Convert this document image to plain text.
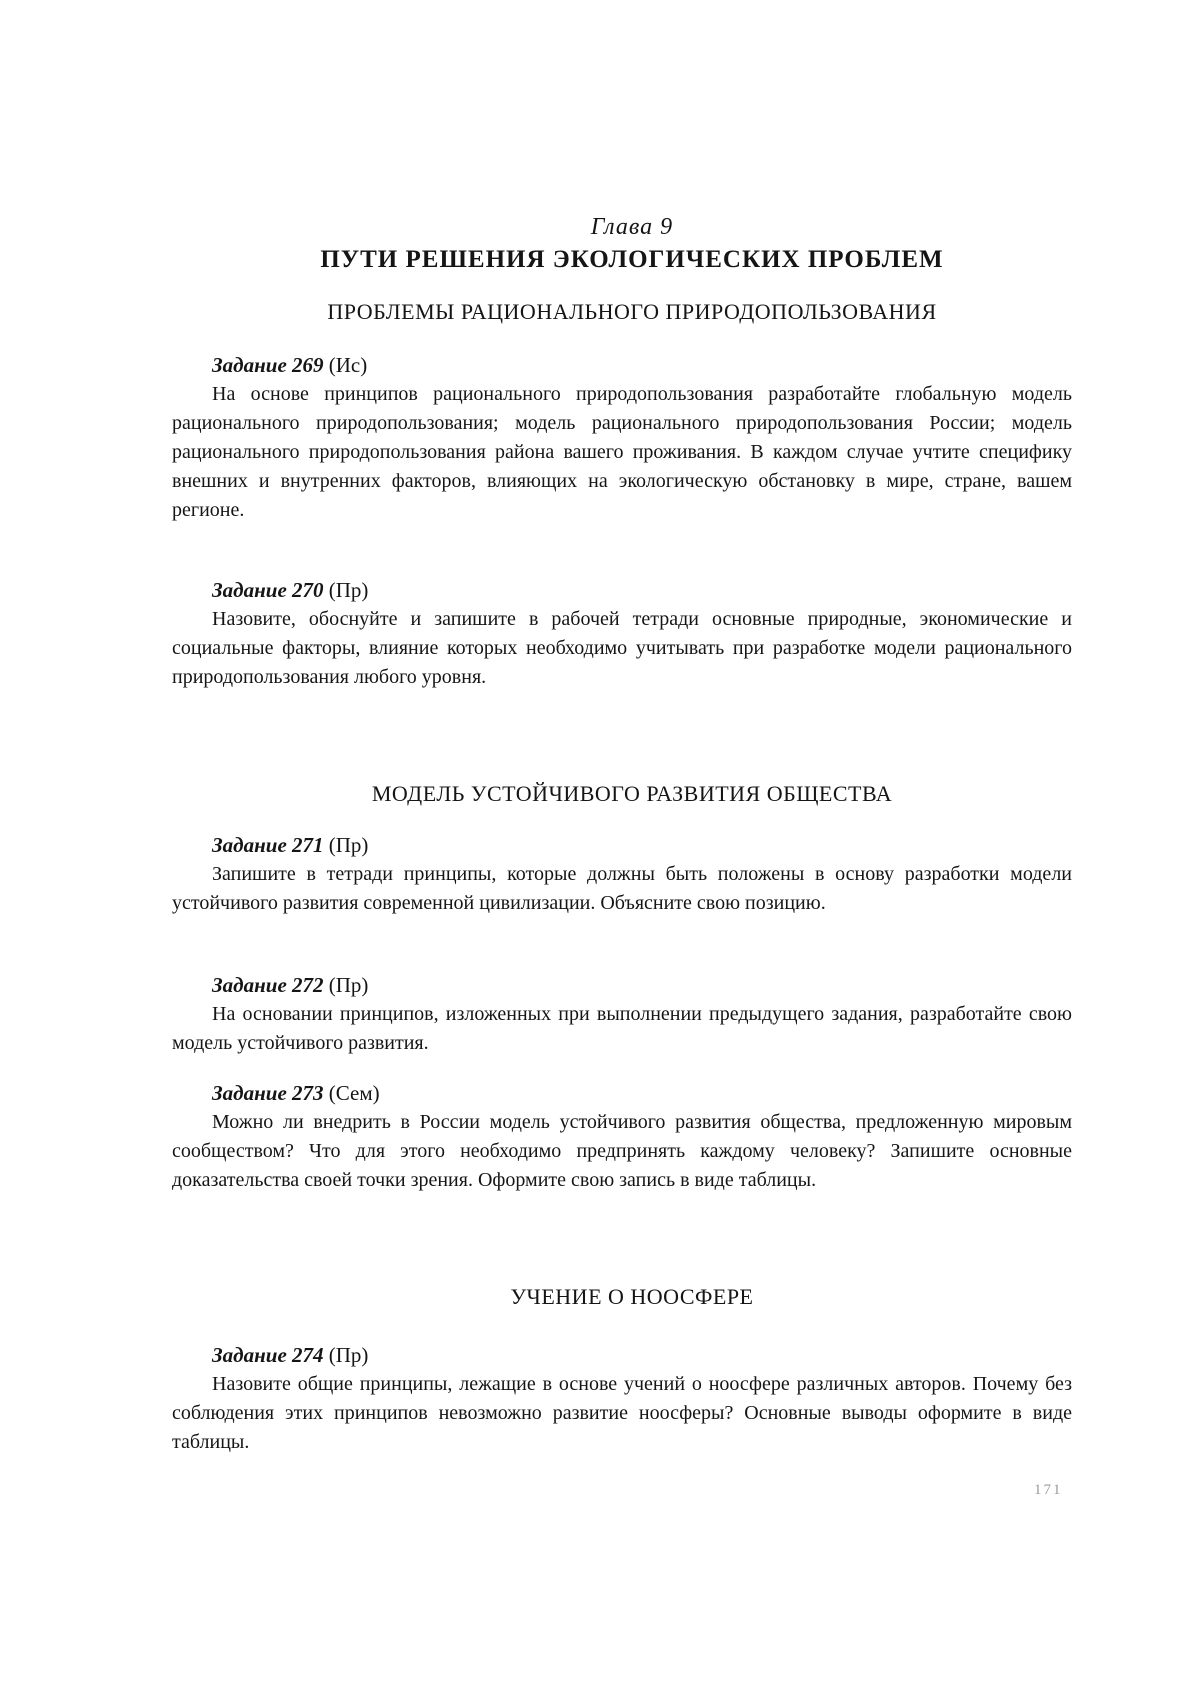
Глава 9
ПУТИ РЕШЕНИЯ ЭКОЛОГИЧЕСКИХ ПРОБЛЕМ
ПРОБЛЕМЫ РАЦИОНАЛЬНОГО ПРИРОДОПОЛЬЗОВАНИЯ
Задание 269 (Ис)

На основе принципов рационального природопользования разработайте глобальную модель рационального природопользования; модель рационального природопользования России; модель рационального природопользования района вашего проживания. В каждом случае учтите специфику внешних и внутренних факторов, влияющих на экологическую обстановку в мире, стране, вашем регионе.

Задание 270 (Пр)

Назовите, обоснуйте и запишите в рабочей тетради основные природные, экономические и социальные факторы, влияние которых необходимо учитывать при разработке модели рационального природопользования любого уровня.

МОДЕЛЬ УСТОЙЧИВОГО РАЗВИТИЯ ОБЩЕСТВА
Задание 271 (Пр)

Запишите в тетради принципы, которые должны быть положены в основу разработки модели устойчивого развития современной цивилизации. Объясните свою позицию.

Задание 272 (Пр)

На основании принципов, изложенных при выполнении предыдущего задания, разработайте свою модель устойчивого развития.

Задание 273 (Сем)

Можно ли внедрить в России модель устойчивого развития общества, предложенную мировым сообществом? Что для этого необходимо предпринять каждому человеку? Запишите основные доказательства своей точки зрения. Оформите свою запись в виде таблицы.

УЧЕНИЕ О НООСФЕРЕ
Задание 274 (Пр)

Назовите общие принципы, лежащие в основе учений о ноосфере различных авторов. Почему без соблюдения этих принципов невозможно развитие ноосферы? Основные выводы оформите в виде таблицы.

171
